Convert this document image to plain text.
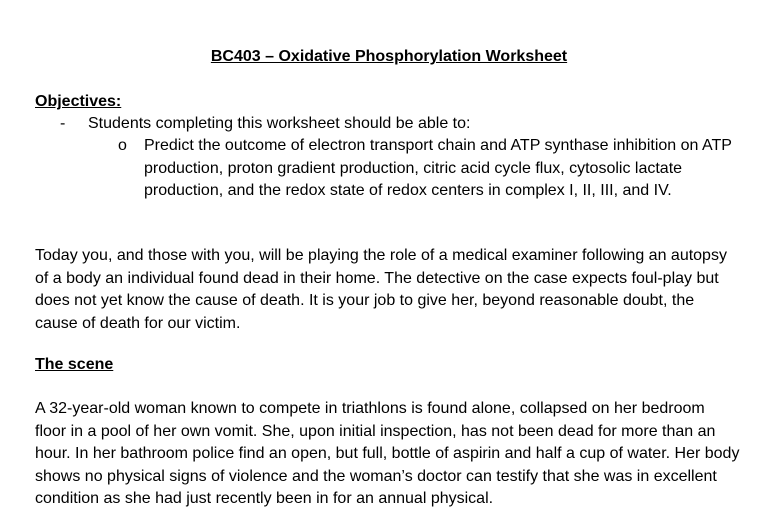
BC403 – Oxidative Phosphorylation Worksheet
Objectives:
- Students completing this worksheet should be able to:
o Predict the outcome of electron transport chain and ATP synthase inhibition on ATP production, proton gradient production, citric acid cycle flux, cytosolic lactate production, and the redox state of redox centers in complex I, II, III, and IV.
Today you, and those with you, will be playing the role of a medical examiner following an autopsy of a body an individual found dead in their home. The detective on the case expects foul-play but does not yet know the cause of death. It is your job to give her, beyond reasonable doubt, the cause of death for our victim.
The scene
A 32-year-old woman known to compete in triathlons is found alone, collapsed on her bedroom floor in a pool of her own vomit. She, upon initial inspection, has not been dead for more than an hour. In her bathroom police find an open, but full, bottle of aspirin and half a cup of water. Her body shows no physical signs of violence and the woman’s doctor can testify that she was in excellent condition as she had just recently been in for an annual physical.
